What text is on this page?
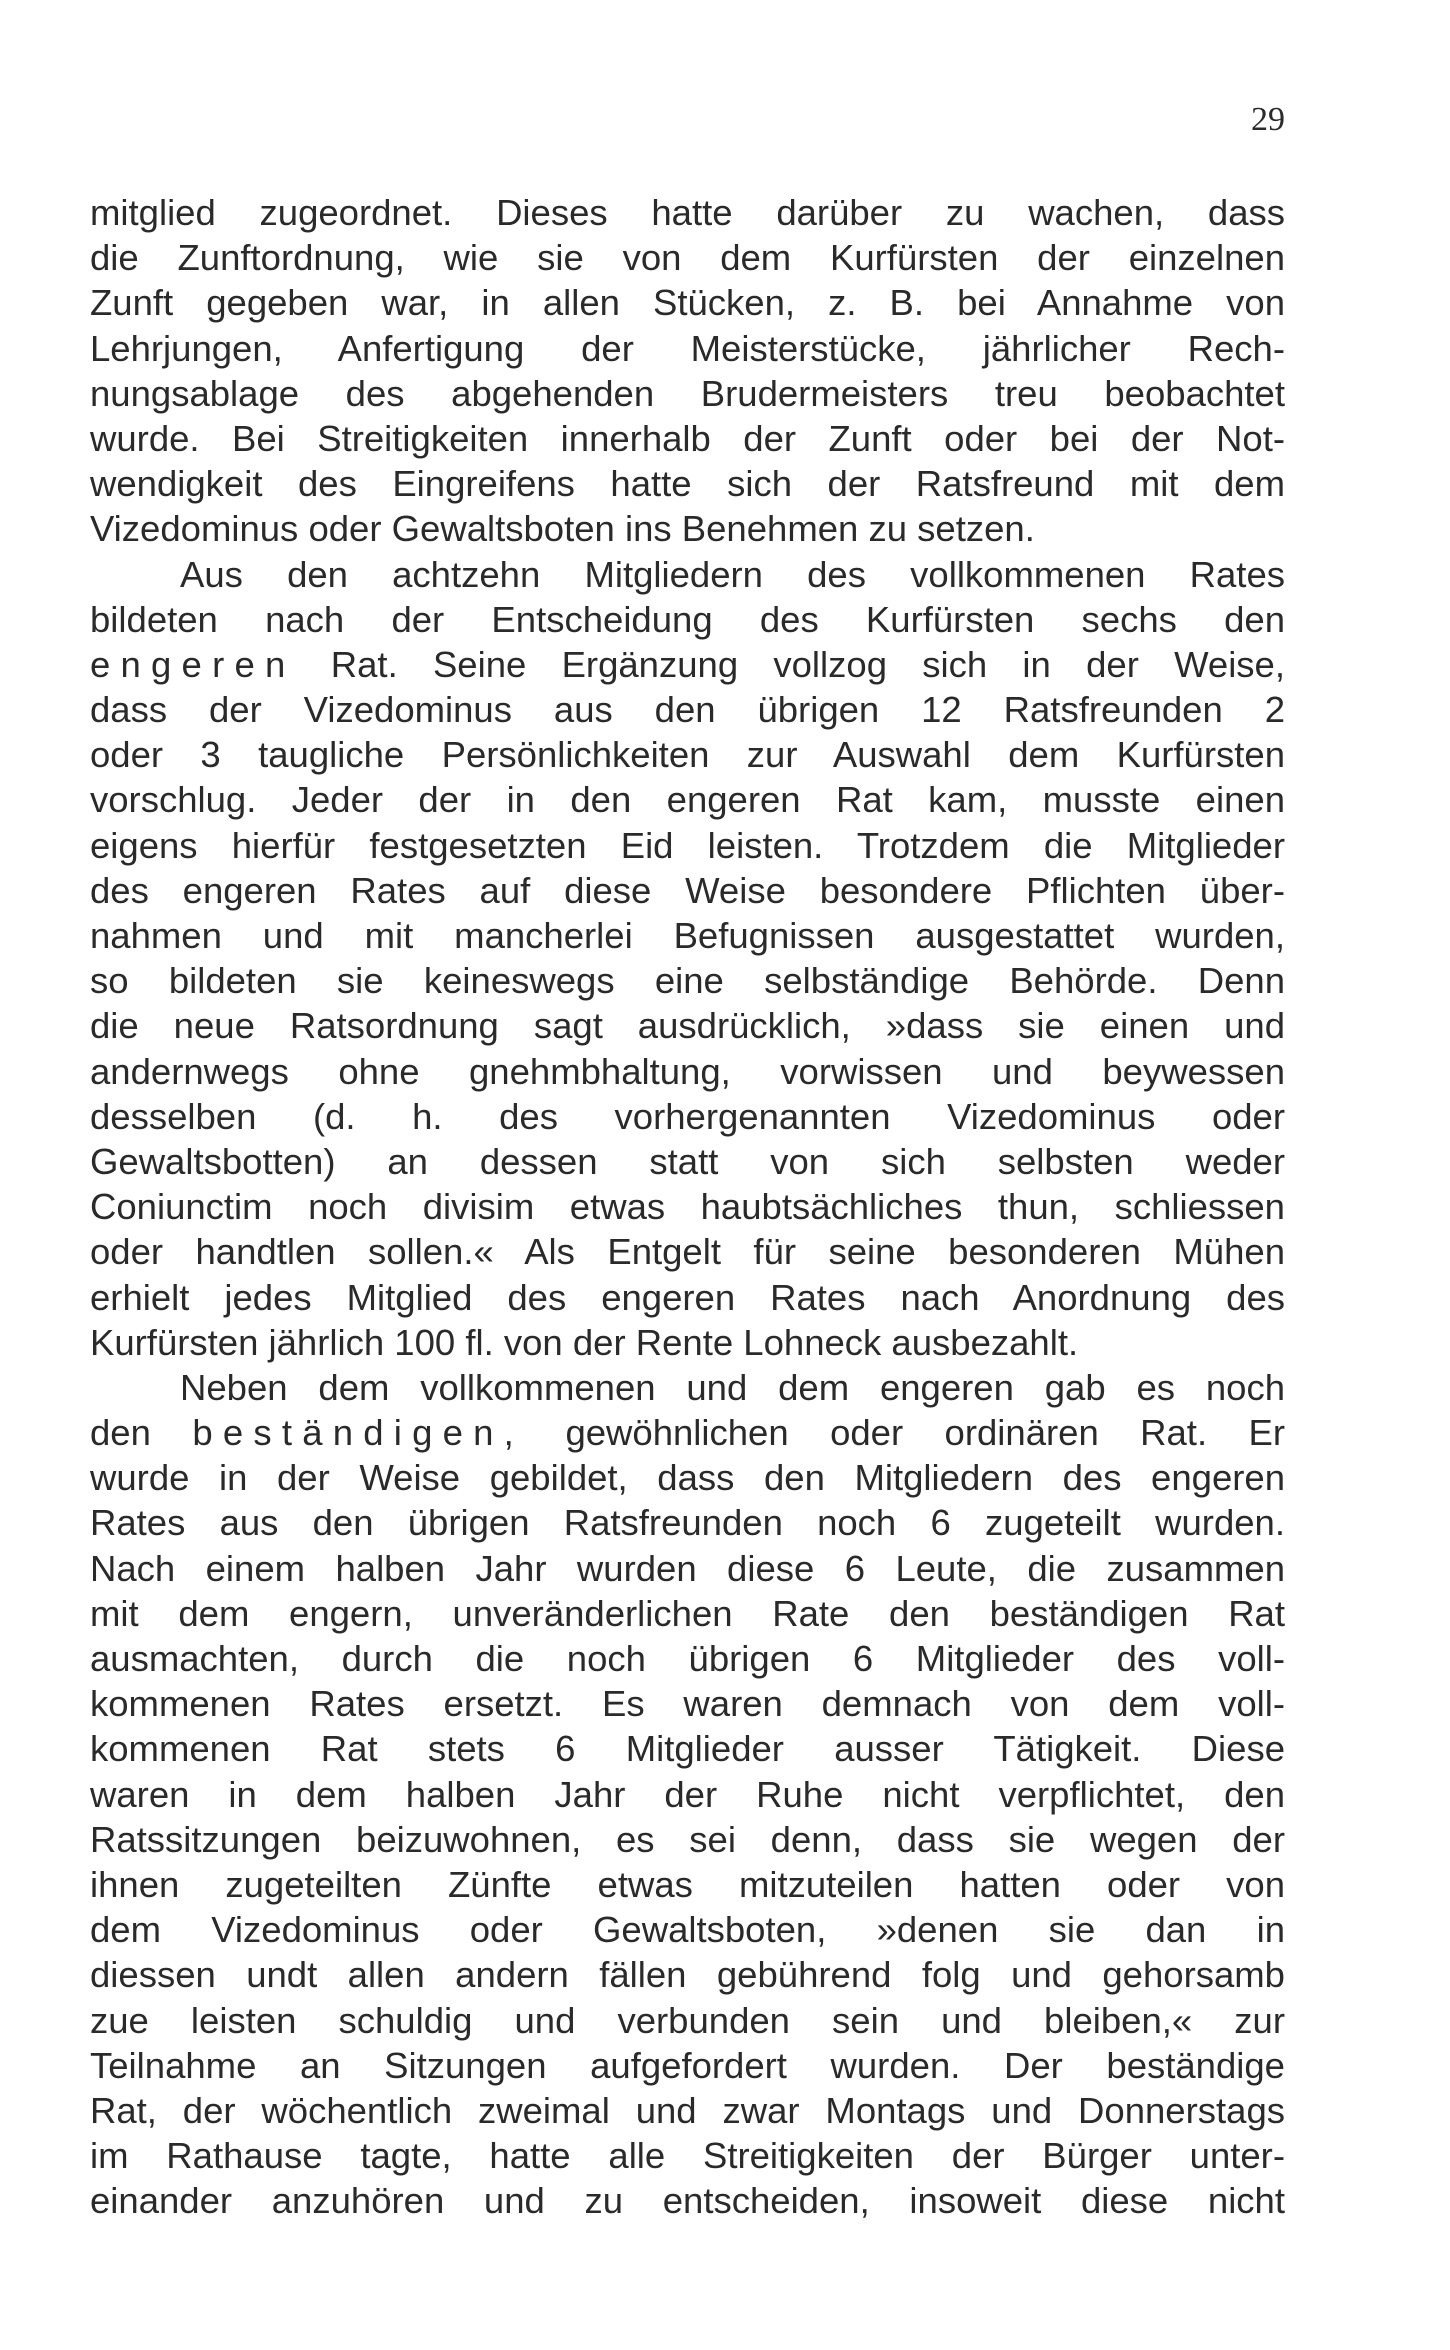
29
mitglied zugeordnet. Dieses hatte darüber zu wachen, dass
die Zunftordnung, wie sie von dem Kurfürsten der einzelnen
Zunft gegeben war, in allen Stücken, z. B. bei Annahme von
Lehrjungen, Anfertigung der Meisterstücke, jährlicher Rech-
nungsablage des abgehenden Brudermeisters treu beobachtet
wurde. Bei Streitigkeiten innerhalb der Zunft oder bei der Not-
wendigkeit des Eingreifens hatte sich der Ratsfreund mit dem
Vizedominus oder Gewaltsboten ins Benehmen zu setzen.
Aus den achtzehn Mitgliedern des vollkommenen Rates
bildeten nach der Entscheidung des Kurfürsten sechs den
engeren Rat. Seine Ergänzung vollzog sich in der Weise,
dass der Vizedominus aus den übrigen 12 Ratsfreunden 2
oder 3 taugliche Persönlichkeiten zur Auswahl dem Kurfürsten
vorschlug. Jeder der in den engeren Rat kam, musste einen
eigens hierfür festgesetzten Eid leisten. Trotzdem die Mitglieder
des engeren Rates auf diese Weise besondere Pflichten über-
nahmen und mit mancherlei Befugnissen ausgestattet wurden,
so bildeten sie keineswegs eine selbständige Behörde. Denn
die neue Ratsordnung sagt ausdrücklich, »dass sie einen und
andernwegs ohne gnehmbhaltung, vorwissen und beywessen
desselben (d. h. des vorhergenannten Vizedominus oder
Gewaltsbotten) an dessen statt von sich selbsten weder
Coniunctim noch divisim etwas haubtsächliches thun, schliessen
oder handtlen sollen.« Als Entgelt für seine besonderen Mühen
erhielt jedes Mitglied des engeren Rates nach Anordnung des
Kurfürsten jährlich 100 fl. von der Rente Lohneck ausbezahlt.
Neben dem vollkommenen und dem engeren gab es noch
den beständigen, gewöhnlichen oder ordinären Rat. Er
wurde in der Weise gebildet, dass den Mitgliedern des engeren
Rates aus den übrigen Ratsfreunden noch 6 zugeteilt wurden.
Nach einem halben Jahr wurden diese 6 Leute, die zusammen
mit dem engern, unveränderlichen Rate den beständigen Rat
ausmachten, durch die noch übrigen 6 Mitglieder des voll-
kommenen Rates ersetzt. Es waren demnach von dem voll-
kommenen Rat stets 6 Mitglieder ausser Tätigkeit. Diese
waren in dem halben Jahr der Ruhe nicht verpflichtet, den
Ratssitzungen beizuwohnen, es sei denn, dass sie wegen der
ihnen zugeteilten Zünfte etwas mitzuteilen hatten oder von
dem Vizedominus oder Gewaltsboten, »denen sie dan in
diessen undt allen andern fällen gebührend folg und gehorsamb
zue leisten schuldig und verbunden sein und bleiben,« zur
Teilnahme an Sitzungen aufgefordert wurden. Der beständige
Rat, der wöchentlich zweimal und zwar Montags und Donnerstags
im Rathause tagte, hatte alle Streitigkeiten der Bürger unter-
einander anzuhören und zu entscheiden, insoweit diese nicht
